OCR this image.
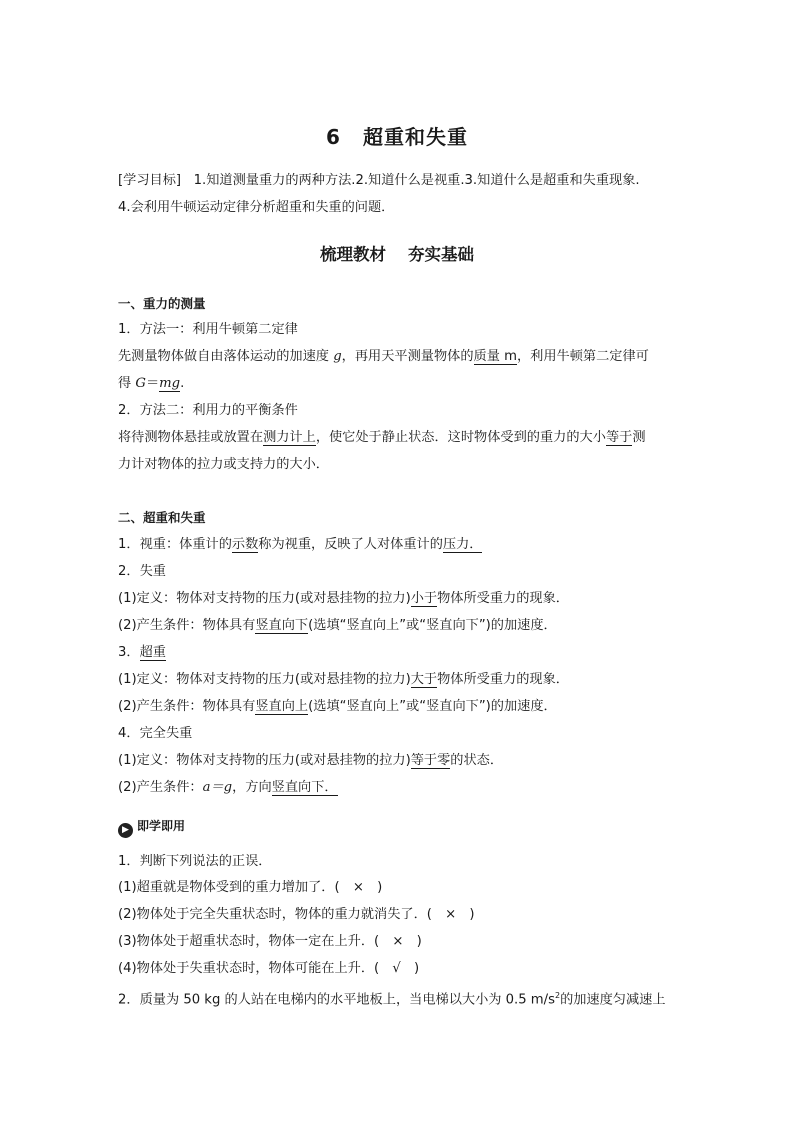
6 超重和失重
[学习目标] 1.知道测量重力的两种方法.2.知道什么是视重.3.知道什么是超重和失重现象.
4.会利用牛顿运动定律分析超重和失重的问题．
梳理教材 夯实基础
一、重力的测量
1．方法一：利用牛顿第二定律
先测量物体做自由落体运动的加速度 g，再用天平测量物体的质量 m，利用牛顿第二定律可
得 G＝mg.
2．方法二：利用力的平衡条件
将待测物体悬挂或放置在测力计上，使它处于静止状态．这时物体受到的重力的大小等于测
力计对物体的拉力或支持力的大小．
二、超重和失重
1．视重：体重计的示数称为视重，反映了人对体重计的压力．
2．失重
(1)定义：物体对支持物的压力(或对悬挂物的拉力)小于物体所受重力的现象．
(2)产生条件：物体具有竖直向下(选填“竖直向上”或“竖直向下”)的加速度．
3．超重
(1)定义：物体对支持物的压力(或对悬挂物的拉力)大于物体所受重力的现象．
(2)产生条件：物体具有竖直向上(选填“竖直向上”或“竖直向下”)的加速度．
4．完全失重
(1)定义：物体对支持物的压力(或对悬挂物的拉力)等于零的状态．
(2)产生条件：a＝g，方向竖直向下．
▶ 即学即用
1．判断下列说法的正误．
(1)超重就是物体受到的重力增加了．(　×　)
(2)物体处于完全失重状态时，物体的重力就消失了．(　×　)
(3)物体处于超重状态时，物体一定在上升．(　×　)
(4)物体处于失重状态时，物体可能在上升．(　√　)
2．质量为 50 kg 的人站在电梯内的水平地板上，当电梯以大小为 0.5 $m/s^2$的加速度匀减速上
